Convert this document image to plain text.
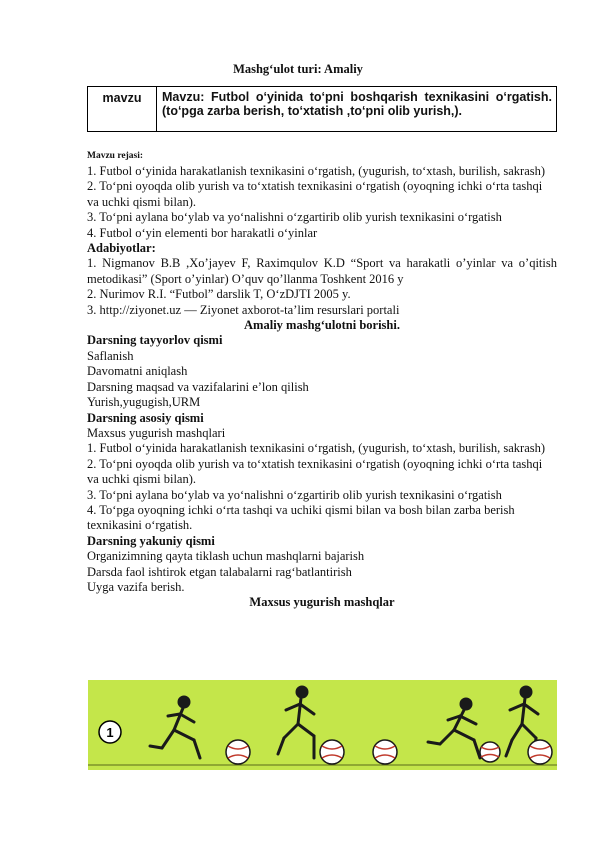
Mashg‘ulot turi: Amaliy
mavzu	Mavzu: Futbol o‘yinida to‘pni boshqarish texnikasini o‘rgatish. (to‘pga zarba berish, to‘xtatish ,to‘pni olib yurish,).

Mavzu rejasi:

1. Futbol o‘yinida harakatlanish texnikasini o‘rgatish, (yugurish, to‘xtash, burilish, sakrash)

2. To‘pni oyoqda olib yurish va to‘xtatish texnikasini o‘rgatish (oyoqning ichki o‘rta tashqi va uchki qismi bilan).

3. To‘pni aylana bo‘ylab va yo‘nalishni o‘zgartirib olib yurish texnikasini o‘rgatish

4. Futbol o‘yin elementi bor harakatli o‘yinlar

Adabiyotlar:

1. Nigmanov B.B ,Xo’jayev F, Raximqulov K.D “Sport va harakatli o’yinlar va o’qitish metodikasi” (Sport o’yinlar) O’quv qo’llanma Toshkent 2016 y

2. Nurimov R.I. “Futbol” darslik T, O‘zDJTI 2005 y.

3. http://ziyonet.uz — Ziyonet axborot-ta’lim resurslari portali

Amaliy mashg‘ulotni borishi.

Darsning tayyorlov qismi

Saflanish

Davomatni aniqlash

Darsning maqsad va vazifalarini e’lon qilish

Yurish,yugugish,URM

Darsning asosiy qismi

Maxsus yugurish mashqlari

1. Futbol o‘yinida harakatlanish texnikasini o‘rgatish, (yugurish, to‘xtash, burilish, sakrash)

2. To‘pni oyoqda olib yurish va to‘xtatish texnikasini o‘rgatish (oyoqning ichki o‘rta tashqi va uchki qismi bilan).

3. To‘pni aylana bo‘ylab va yo‘nalishni o‘zgartirib olib yurish texnikasini o‘rgatish

4. To‘pga oyoqning ichki o‘rta tashqi va uchiki qismi bilan va bosh bilan zarba berish texnikasini o‘rgatish.

Darsning yakuniy qismi

Organizimning qayta tiklash uchun mashqlarni bajarish

Darsda faol ishtirok etgan talabalarni rag‘batlantirish

Uyga vazifa berish.

Maxsus yugurish mashqlar

1
